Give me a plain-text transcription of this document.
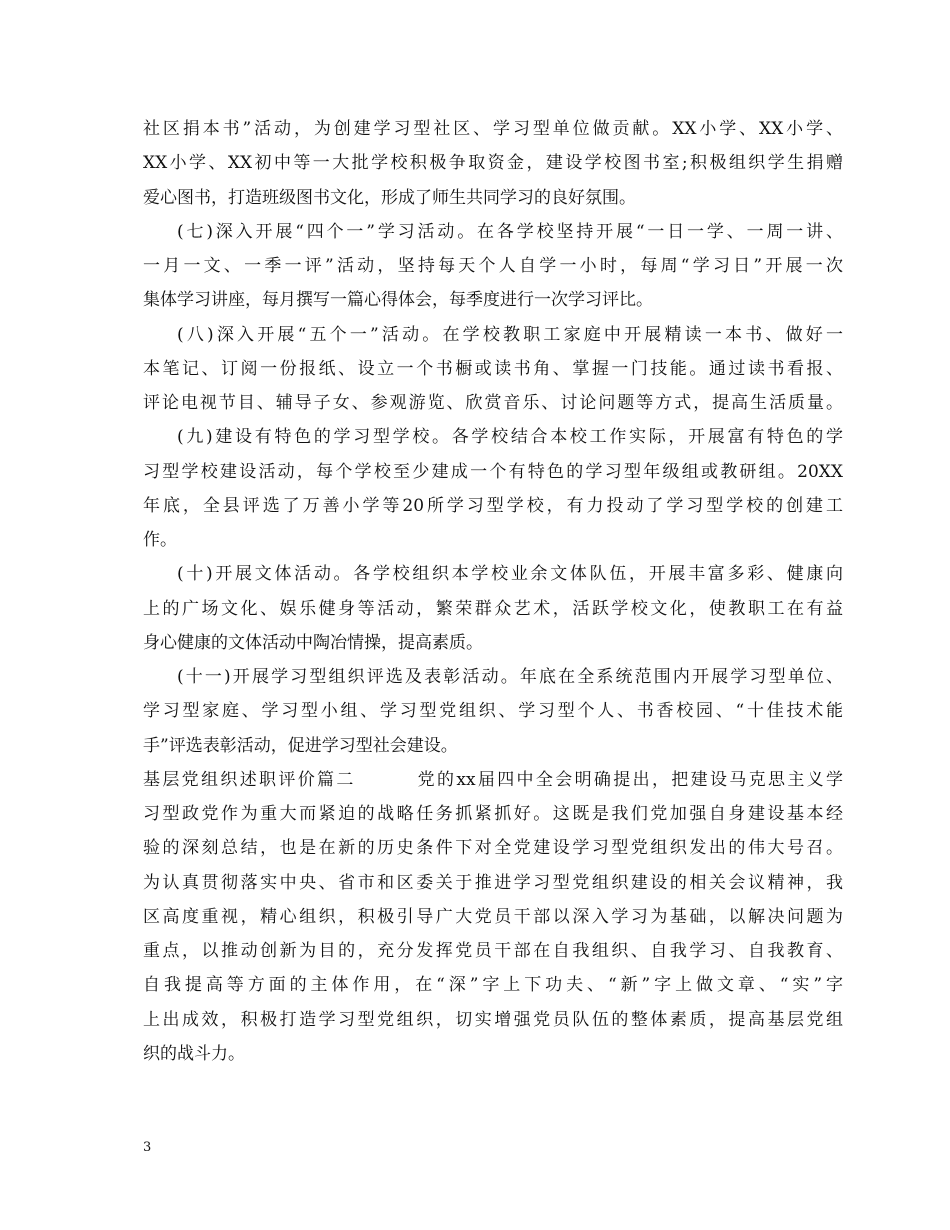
社区捐本书”活动，为创建学习型社区、学习型单位做贡献。XX小学、XX小学、
XX小学、XX初中等一大批学校积极争取资金，建设学校图书室;积极组织学生捐赠
爱心图书，打造班级图书文化，形成了师生共同学习的良好氛围。
(七)深入开展“四个一”学习活动。在各学校坚持开展“一日一学、一周一讲、
一月一文、一季一评”活动，坚持每天个人自学一小时，每周“学习日”开展一次
集体学习讲座，每月撰写一篇心得体会，每季度进行一次学习评比。
(八)深入开展“五个一”活动。在学校教职工家庭中开展精读一本书、做好一
本笔记、订阅一份报纸、设立一个书橱或读书角、掌握一门技能。通过读书看报、
评论电视节目、辅导子女、参观游览、欣赏音乐、讨论问题等方式，提高生活质量。
(九)建设有特色的学习型学校。各学校结合本校工作实际，开展富有特色的学
习型学校建设活动，每个学校至少建成一个有特色的学习型年级组或教研组。20XX
年底，全县评选了万善小学等20所学习型学校，有力投动了学习型学校的创建工
作。
(十)开展文体活动。各学校组织本学校业余文体队伍，开展丰富多彩、健康向
上的广场文化、娱乐健身等活动，繁荣群众艺术，活跃学校文化，使教职工在有益
身心健康的文体活动中陶冶情操，提高素质。
(十一)开展学习型组织评选及表彰活动。年底在全系统范围内开展学习型单位、
学习型家庭、学习型小组、学习型党组织、学习型个人、书香校园、“十佳技术能
手”评选表彰活动，促进学习型社会建设。
基层党组织述职评价篇二        党的xx届四中全会明确提出，把建设马克思主义学
习型政党作为重大而紧迫的战略任务抓紧抓好。这既是我们党加强自身建设基本经
验的深刻总结，也是在新的历史条件下对全党建设学习型党组织发出的伟大号召。
为认真贯彻落实中央、省市和区委关于推进学习型党组织建设的相关会议精神，我
区高度重视，精心组织，积极引导广大党员干部以深入学习为基础，以解决问题为
重点，以推动创新为目的，充分发挥党员干部在自我组织、自我学习、自我教育、
自我提高等方面的主体作用，在“深”字上下功夫、“新”字上做文章、“实”字
上出成效，积极打造学习型党组织，切实增强党员队伍的整体素质，提高基层党组
织的战斗力。
3
